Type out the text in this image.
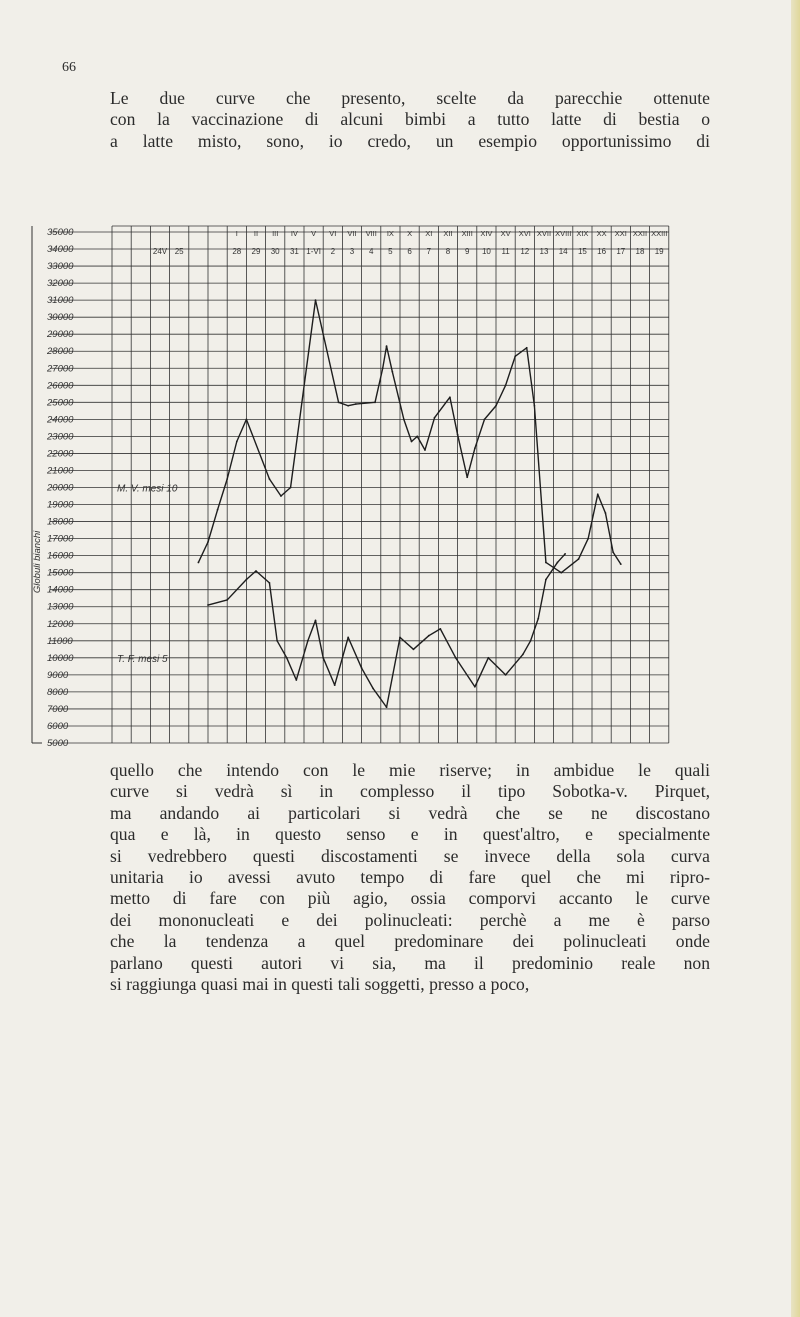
66

Le due curve che presento, scelte da parecchie ottenute
con la vaccinazione di alcuni bimbi a tutto latte di bestia o
a latte misto, sono, io credo, un esempio opportunissimo di

35000
34000
33000
32000
31000
30000
29000
28000
27000
26000
25000
24000
23000
22000
21000
20000
19000
18000
17000
16000
15000
14000
13000
12000
11000
10000
9000
8000
7000
6000
5000
I II III IV V VI VII VIII IX X XI XII XIII XIV XV XVI XVII XVIII XIX XX XXI XXII XXIII
24V 25	28 29 30 31 1-VI 2 3 4 5 6 7 8 9 10 11 12 13 14 15 16 17 18 19
Globuli bianchi
M. V. mesi 10
T. F. mesi 5

quello che intendo con le mie riserve; in ambidue le quali
curve si vedrà sì in complesso il tipo Sobotka-v. Pirquet,
ma andando ai particolari si vedrà che se ne discostano
qua e là, in questo senso e in quest'altro, e specialmente
si vedrebbero questi discostamenti se invece della sola curva
unitaria io avessi avuto tempo di fare quel che mi ripro-
metto di fare con più agio, ossia comporvi accanto le curve
dei mononucleati e dei polinucleati: perchè a me è parso
che la tendenza a quel predominare dei polinucleati onde
parlano questi autori vi sia, ma il predominio reale non
si raggiunga quasi mai in questi tali soggetti, presso a poco,
